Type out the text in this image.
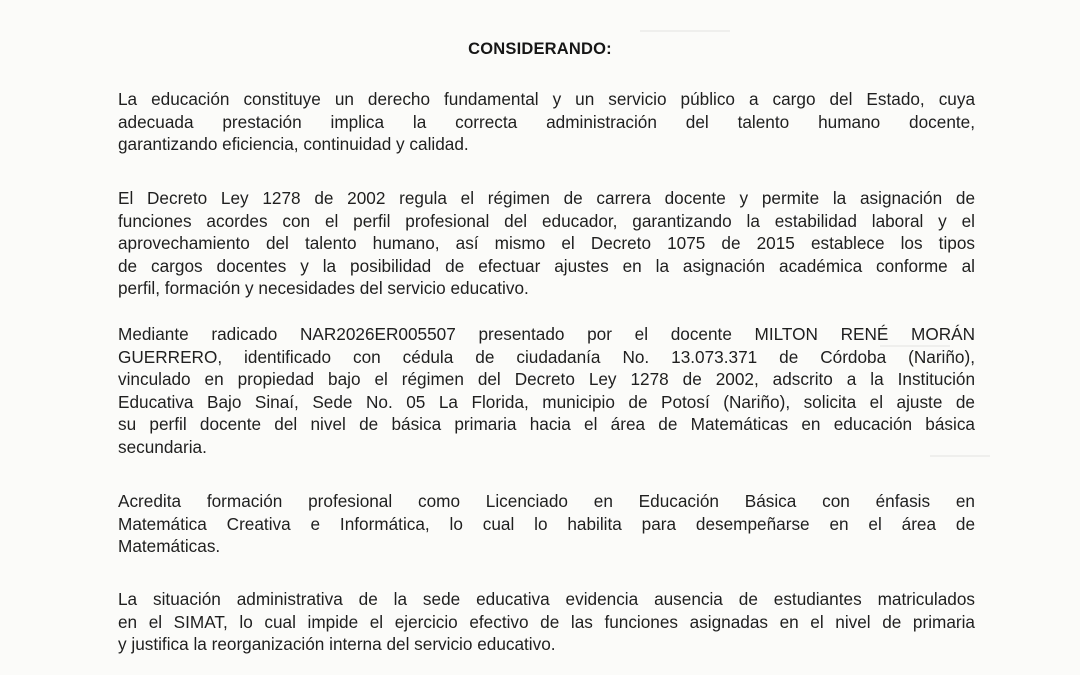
CONSIDERANDO:

La educación constituye un derecho fundamental y un servicio público a cargo del Estado, cuya
adecuada prestación implica la correcta administración del talento humano docente,
garantizando eficiencia, continuidad y calidad.

El Decreto Ley 1278 de 2002 regula el régimen de carrera docente y permite la asignación de
funciones acordes con el perfil profesional del educador, garantizando la estabilidad laboral y el
aprovechamiento del talento humano, así mismo el Decreto 1075 de 2015 establece los tipos
de cargos docentes y la posibilidad de efectuar ajustes en la asignación académica conforme al
perfil, formación y necesidades del servicio educativo.

Mediante radicado NAR2026ER005507 presentado por el docente MILTON RENÉ MORÁN
GUERRERO, identificado con cédula de ciudadanía No. 13.073.371 de Córdoba (Nariño),
vinculado en propiedad bajo el régimen del Decreto Ley 1278 de 2002, adscrito a la Institución
Educativa Bajo Sinaí, Sede No. 05 La Florida, municipio de Potosí (Nariño), solicita el ajuste de
su perfil docente del nivel de básica primaria hacia el área de Matemáticas en educación básica
secundaria.

Acredita formación profesional como Licenciado en Educación Básica con énfasis en
Matemática Creativa e Informática, lo cual lo habilita para desempeñarse en el área de
Matemáticas.

La situación administrativa de la sede educativa evidencia ausencia de estudiantes matriculados
en el SIMAT, lo cual impide el ejercicio efectivo de las funciones asignadas en el nivel de primaria
y justifica la reorganización interna del servicio educativo.
